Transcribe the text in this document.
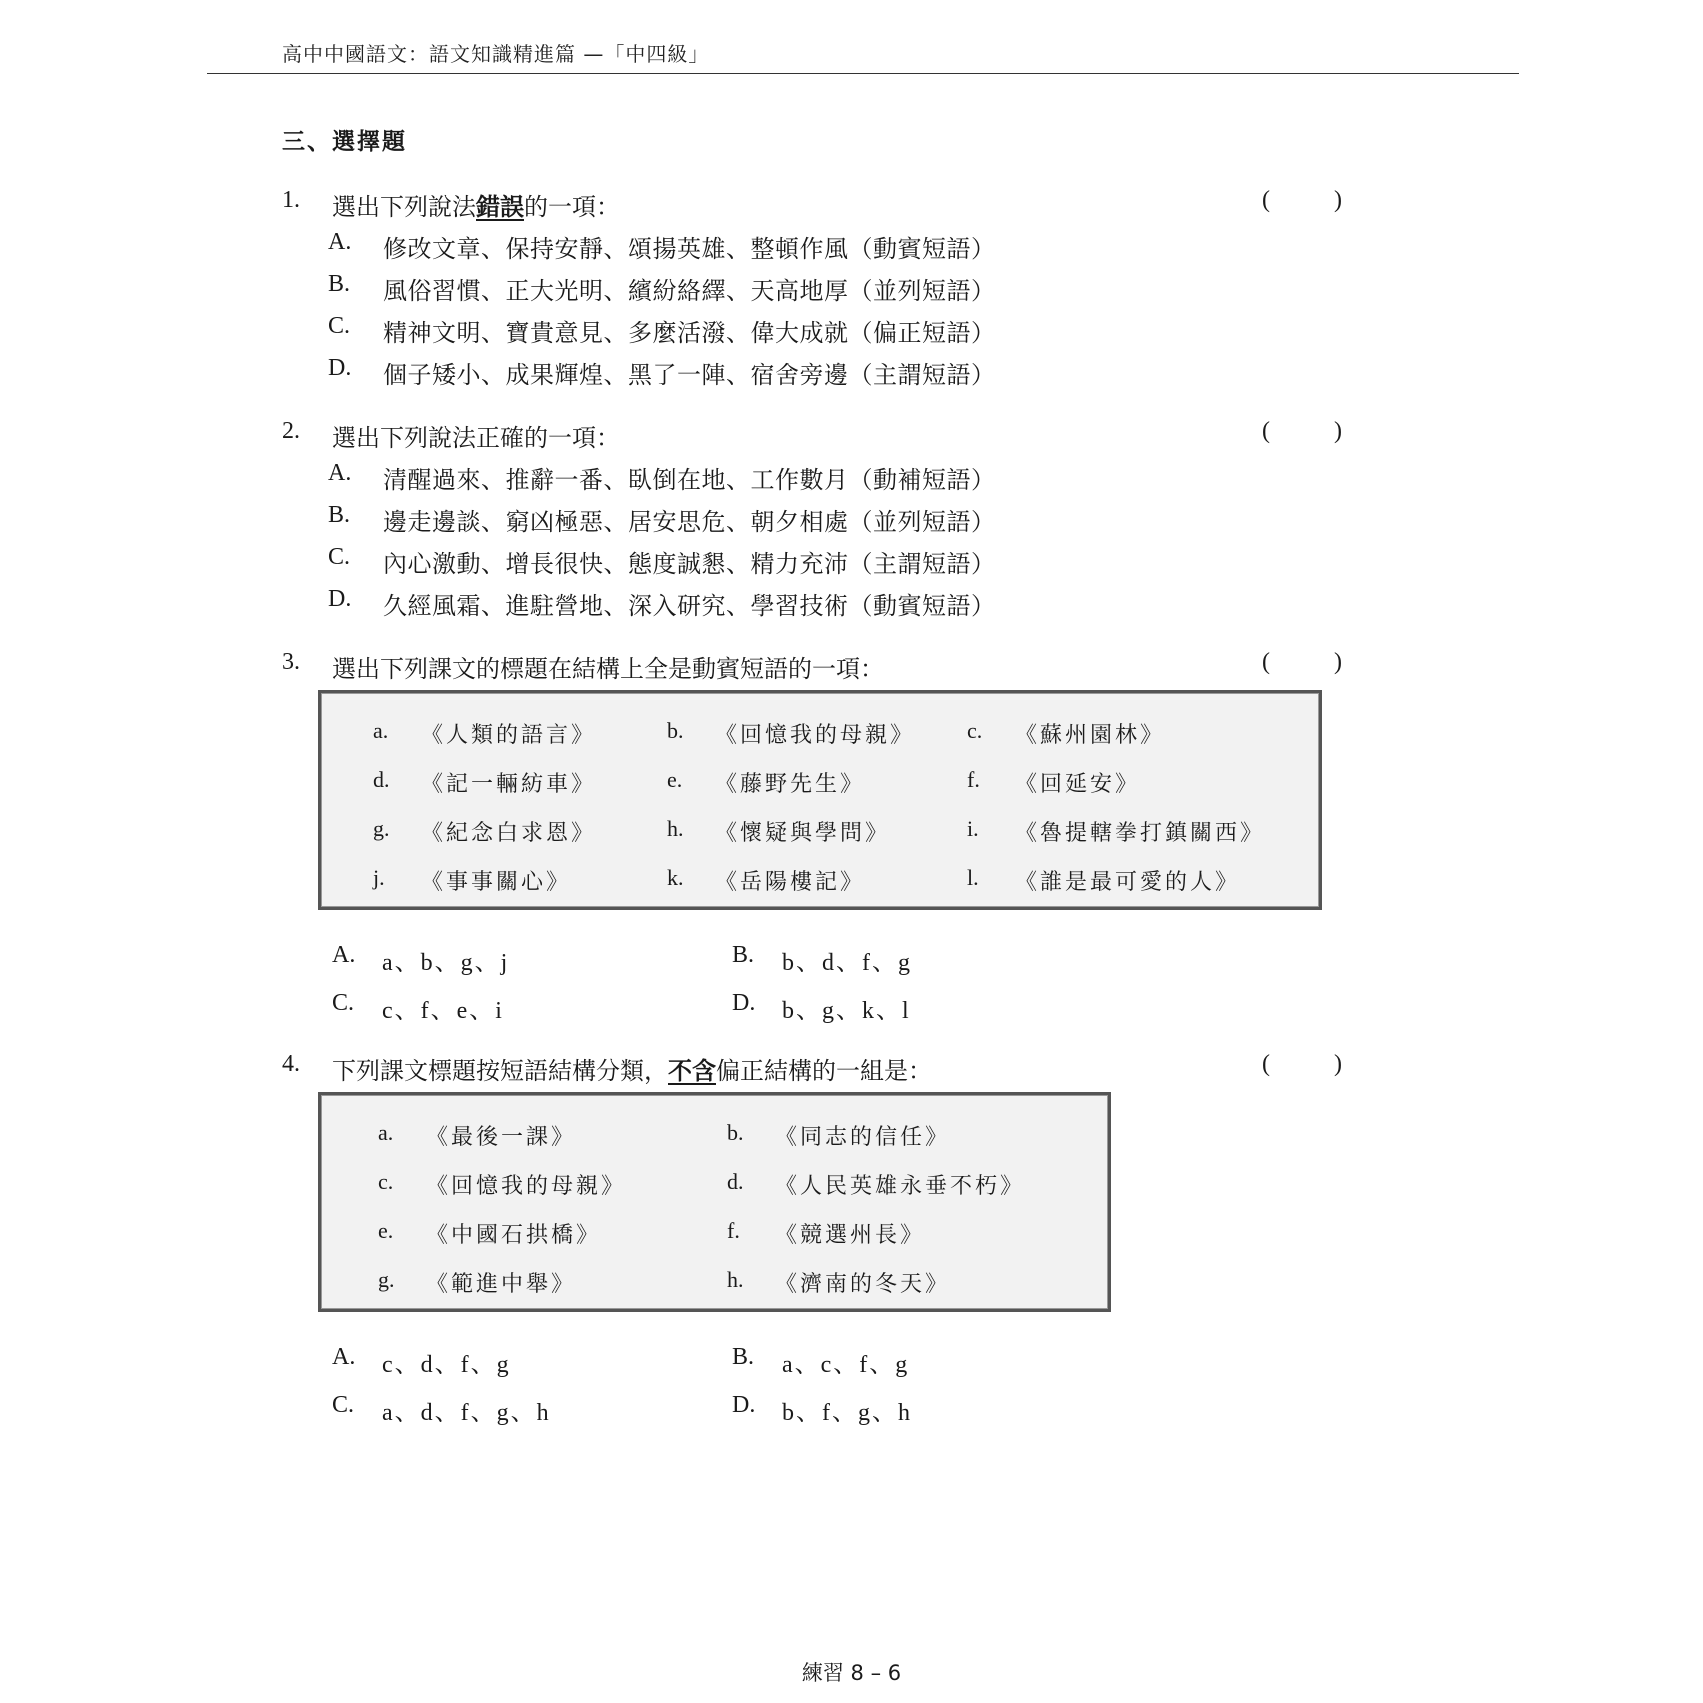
高中中國語文：語文知識精進篇 —「中四級」
三、選擇題
1. 選出下列說法錯誤的一項：	(	)
A. 修改文章、保持安靜、頌揚英雄、整頓作風（動賓短語）
B. 風俗習慣、正大光明、繽紛絡繹、天高地厚（並列短語）
C. 精神文明、寶貴意見、多麼活潑、偉大成就（偏正短語）
D. 個子矮小、成果輝煌、黑了一陣、宿舍旁邊（主謂短語）
2. 選出下列說法正確的一項：	(	)
A. 清醒過來、推辭一番、臥倒在地、工作數月（動補短語）
B. 邊走邊談、窮凶極惡、居安思危、朝夕相處（並列短語）
C. 內心激動、增長很快、態度誠懇、精力充沛（主謂短語）
D. 久經風霜、進駐營地、深入研究、學習技術（動賓短語）
3. 選出下列課文的標題在結構上全是動賓短語的一項：	(	)
a. 《人類的語言》	b. 《回憶我的母親》 c. 《蘇州園林》
d. 《記一輛紡車》	e. 《藤野先生》	f. 《回延安》
g. 《紀念白求恩》	h. 《懷疑與學問》	i. 《魯提轄拳打鎮關西》
j. 《事事關心》	k. 《岳陽樓記》	l. 《誰是最可愛的人》
A. a、b、g、j	B. b、d、f、g
C. c、f、e、i	D. b、g、k、l
4. 下列課文標題按短語結構分類，不含偏正結構的一組是：	(	)
a. 《最後一課》	b. 《同志的信任》
c. 《回憶我的母親》	d. 《人民英雄永垂不朽》
e. 《中國石拱橋》	f. 《競選州長》
g. 《範進中舉》	h. 《濟南的冬天》
A. c、d、f、g	B. a、c、f、g
C. a、d、f、g、h	D. b、f、g、h
練習 8 – 6
